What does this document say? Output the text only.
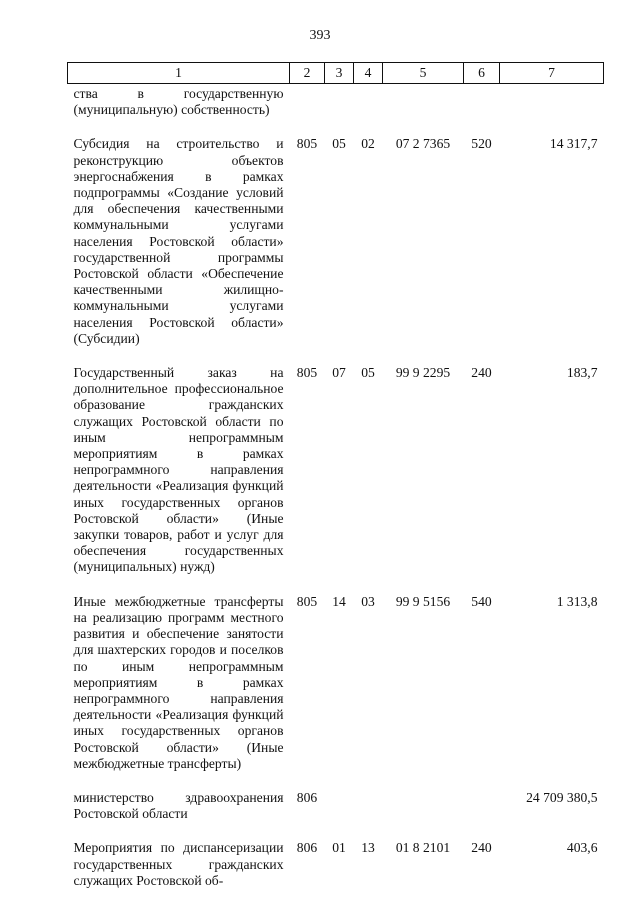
393
1	2	3	4	5	6	7
ства в государственную (муниципальную) собственность)						
Субсидия на строительство и реконструкцию объектов энергоснабжения в рамках подпрограммы «Создание условий для обеспечения качественными коммунальными услугами населения Ростовской области» государственной программы Ростовской области «Обеспечение качественными жилищно-коммунальными услугами населения Ростовской области» (Субсидии)	805	05	02	07 2 7365	520	14 317,7
Государственный заказ на дополнительное профессиональное образование гражданских служащих Ростовской области по иным непрограммным мероприятиям в рамках непрограммного направления деятельности «Реализация функций иных государственных органов Ростовской области» (Иные закупки товаров, работ и услуг для обеспечения государственных (муниципальных) нужд)	805	07	05	99 9 2295	240	183,7
Иные межбюджетные трансферты на реализацию программ местного развития и обеспечение занятости для шахтерских городов и поселков по иным непрограммным мероприятиям в рамках непрограммного направления деятельности «Реализация функций иных государственных органов Ростовской области» (Иные межбюджетные трансферты)	805	14	03	99 9 5156	540	1 313,8
министерство здравоохранения Ростовской области	806					24 709 380,5
Мероприятия по диспансеризации государственных гражданских служащих Ростовской об-	806	01	13	01 8 2101	240	403,6
